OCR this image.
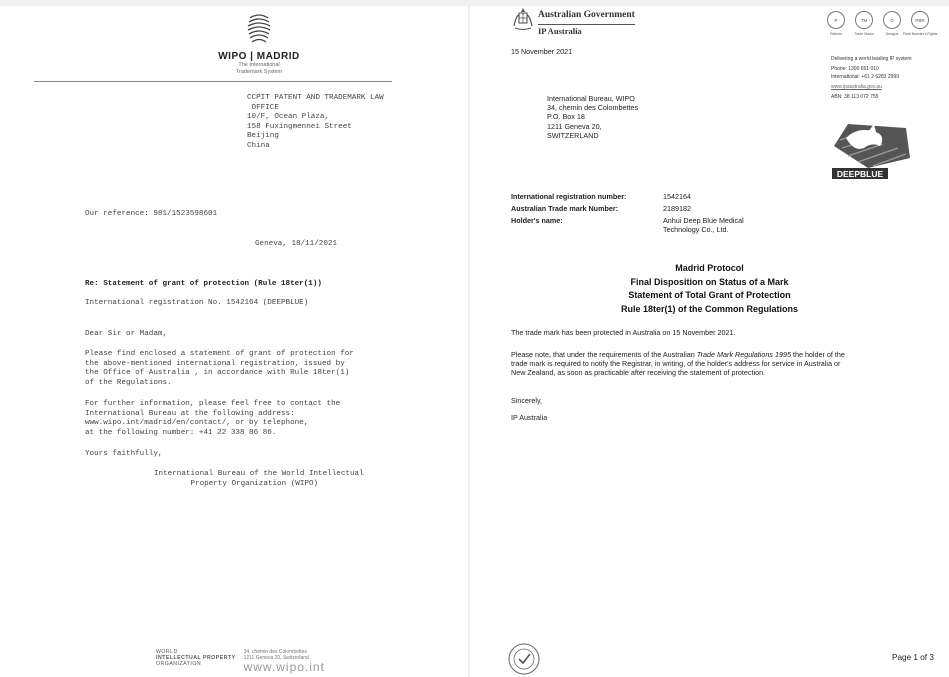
WIPO | MADRID
The International
Trademark System
CCPIT PATENT AND TRADEMARK LAW
OFFICE
10/F, Ocean Plaza,
158 Fuxingmennei Street
Beijing
China
Our reference: 981/1523598601
Geneva, 18/11/2021
Re: Statement of grant of protection (Rule 18ter(1))
International registration No. 1542164 (DEEPBLUE)
Dear Sir or Madam,
Please find enclosed a statement of grant of protection for
the above-mentioned international registration, issued by
the Office of Australia , in accordance with Rule 18ter(1)
of the Regulations.
For further information, please feel free to contact the
International Bureau at the following address:
www.wipo.int/madrid/en/contact/, or by telephone,
at the following number: +41 22 338 86 86.
Yours faithfully,
International Bureau of the World Intellectual
Property Organization (WIPO)
WORLD
INTELLECTUAL PROPERTY
ORGANIZATION
34, chemin des Colombettes
1211 Geneva 20, Switzerland
www.wipo.int
Australian Government
IP Australia
P
Patents
TM
Trade Marks
D
Designs
PBR
Plant Breeder's Rights
Delivering a world leading IP system
Phone: 1300 651 010
International: +61 2 6283 2999
www.ipaustralia.gov.au
ABN: 38 113 072 755
DEEPBLUE
15 November 2021
International Bureau, WIPO
34, chemin des Colombettes
P.O. Box 18
1211 Geneva 20,
SWITZERLAND
International registration number:	1542164
Australian Trade mark Number:	2189182
Holder's name:	Anhui Deep Blue Medical
Technology Co., Ltd.
Madrid Protocol
Final Disposition on Status of a Mark
Statement of Total Grant of Protection
Rule 18ter(1) of the Common Regulations
The trade mark has been protected in Australia on 15 November 2021.
Please note, that under the requirements of the Australian Trade Mark Regulations 1995 the holder of the
trade mark is required to notify the Registrar, in writing, of the holder's address for service in Australia or
New Zealand, as soon as practicable after receiving the statement of protection.
Sincerely,
IP Australia
Page 1 of 3
